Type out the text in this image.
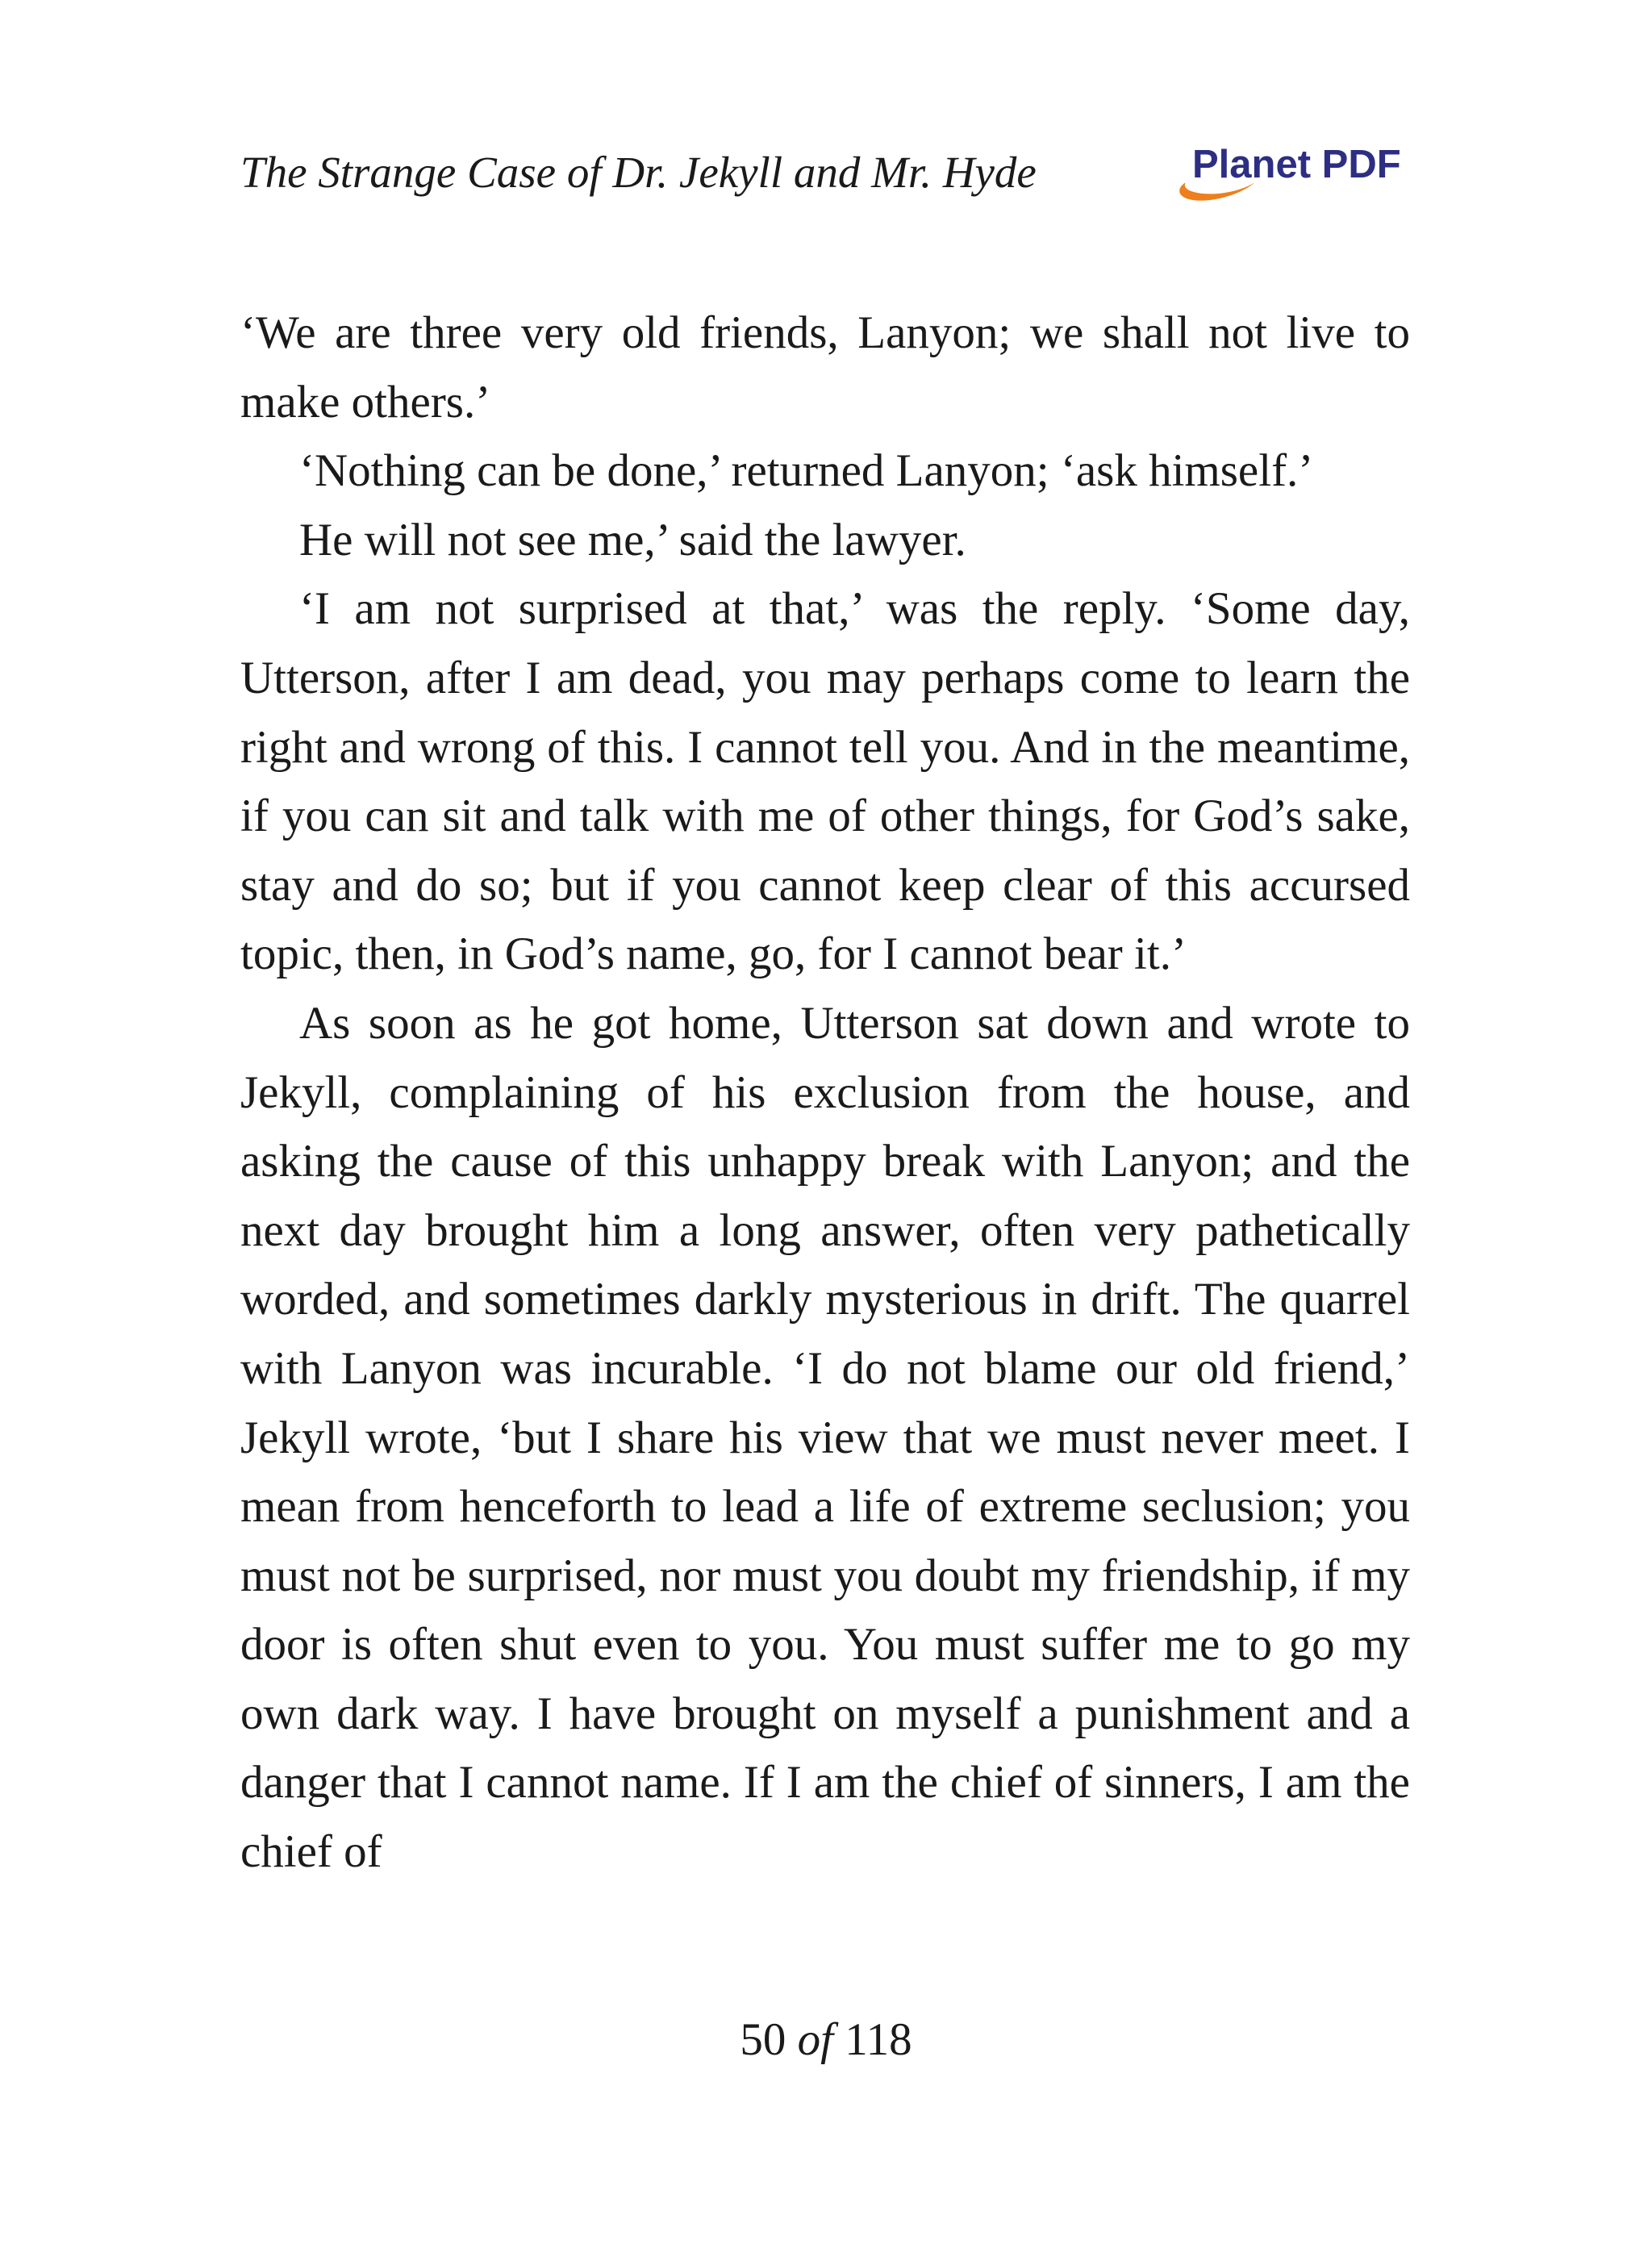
The Strange Case of Dr. Jekyll and Mr. Hyde	Planet PDF

‘We are three very old friends, Lanyon; we shall not live to make others.’

‘Nothing can be done,’ returned Lanyon; ‘ask himself.’

He will not see me,’ said the lawyer.

‘I am not surprised at that,’ was the reply. ‘Some day, Utterson, after I am dead, you may perhaps come to learn the right and wrong of this. I cannot tell you. And in the meantime, if you can sit and talk with me of other things, for God’s sake, stay and do so; but if you cannot keep clear of this accursed topic, then, in God’s name, go, for I cannot bear it.’

As soon as he got home, Utterson sat down and wrote to Jekyll, complaining of his exclusion from the house, and asking the cause of this unhappy break with Lanyon; and the next day brought him a long answer, often very pathetically worded, and sometimes darkly mysterious in drift. The quarrel with Lanyon was incurable. ‘I do not blame our old friend,’ Jekyll wrote, ‘but I share his view that we must never meet. I mean from henceforth to lead a life of extreme seclusion; you must not be surprised, nor must you doubt my friendship, if my door is often shut even to you. You must suffer me to go my own dark way. I have brought on myself a punishment and a danger that I cannot name. If I am the chief of sinners, I am the chief of

50 of 118
